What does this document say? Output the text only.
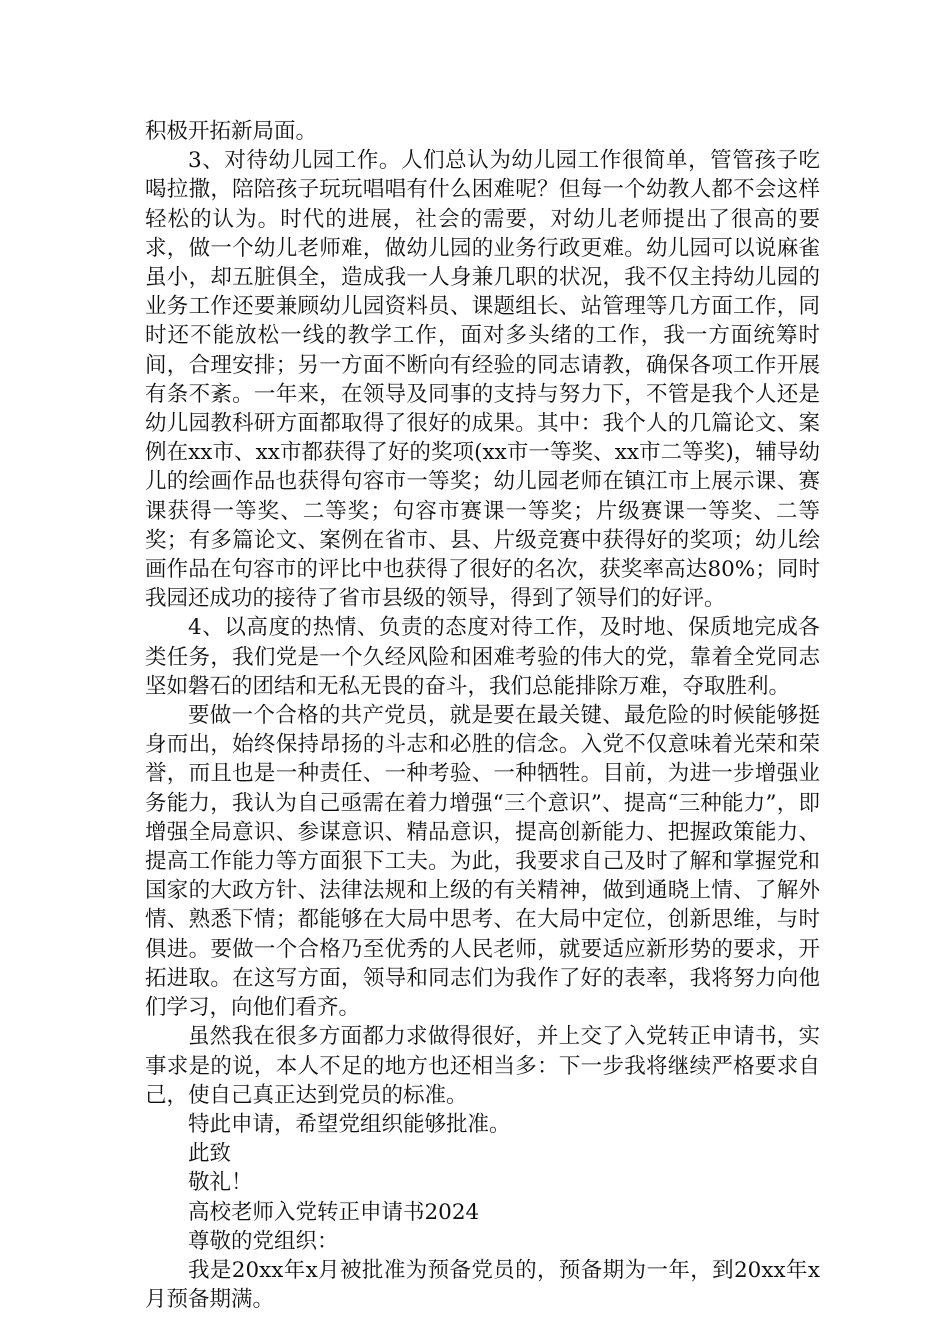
积极开拓新局面。

3、对待幼儿园工作。人们总认为幼儿园工作很简单，管管孩子吃喝拉撒，陪陪孩子玩玩唱唱有什么困难呢？但每一个幼教人都不会这样轻松的认为。时代的进展，社会的需要，对幼儿老师提出了很高的要求，做一个幼儿老师难，做幼儿园的业务行政更难。幼儿园可以说麻雀虽小，却五脏俱全，造成我一人身兼几职的状况，我不仅主持幼儿园的业务工作还要兼顾幼儿园资料员、课题组长、站管理等几方面工作，同时还不能放松一线的教学工作，面对多头绪的工作，我一方面统筹时间，合理安排；另一方面不断向有经验的同志请教，确保各项工作开展有条不紊。一年来，在领导及同事的支持与努力下，不管是我个人还是幼儿园教科研方面都取得了很好的成果。其中：我个人的几篇论文、案例在xx市、xx市都获得了好的奖项(xx市一等奖、xx市二等奖)，辅导幼儿的绘画作品也获得句容市一等奖；幼儿园老师在镇江市上展示课、赛课获得一等奖、二等奖；句容市赛课一等奖；片级赛课一等奖、二等奖；有多篇论文、案例在省市、县、片级竞赛中获得好的奖项；幼儿绘画作品在句容市的评比中也获得了很好的名次，获奖率高达80%；同时我园还成功的接待了省市县级的领导，得到了领导们的好评。

4、以高度的热情、负责的态度对待工作，及时地、保质地完成各类任务，我们党是一个久经风险和困难考验的伟大的党，靠着全党同志坚如磐石的团结和无私无畏的奋斗，我们总能排除万难，夺取胜利。

要做一个合格的共产党员，就是要在最关键、最危险的时候能够挺身而出，始终保持昂扬的斗志和必胜的信念。入党不仅意味着光荣和荣誉，而且也是一种责任、一种考验、一种牺牲。目前，为进一步增强业务能力，我认为自己亟需在着力增强“三个意识”、提高“三种能力”，即增强全局意识、参谋意识、精品意识，提高创新能力、把握政策能力、提高工作能力等方面狠下工夫。为此，我要求自己及时了解和掌握党和国家的大政方针、法律法规和上级的有关精神，做到通晓上情、了解外情、熟悉下情；都能够在大局中思考、在大局中定位，创新思维，与时俱进。要做一个合格乃至优秀的人民老师，就要适应新形势的要求，开拓进取。在这写方面，领导和同志们为我作了好的表率，我将努力向他们学习，向他们看齐。

虽然我在很多方面都力求做得很好，并上交了入党转正申请书，实事求是的说，本人不足的地方也还相当多：下一步我将继续严格要求自己，使自己真正达到党员的标准。

特此申请，希望党组织能够批准。

此致

敬礼！

高校老师入党转正申请书2024

尊敬的党组织：

我是20xx年x月被批准为预备党员的，预备期为一年，到20xx年x月预备期满。
